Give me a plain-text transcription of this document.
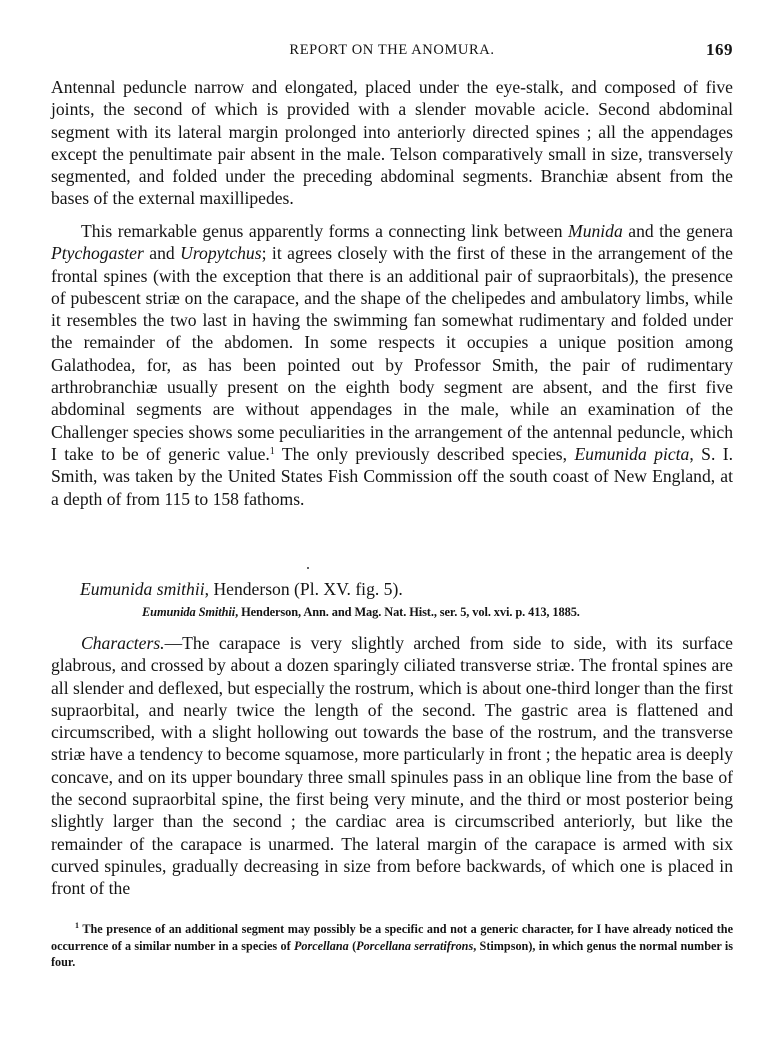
REPORT ON THE ANOMURA.	169

Antennal peduncle narrow and elongated, placed under the eye-stalk, and composed of five joints, the second of which is provided with a slender movable acicle. Second abdominal segment with its lateral margin prolonged into anteriorly directed spines ; all the appendages except the penultimate pair absent in the male. Telson comparatively small in size, transversely segmented, and folded under the preceding abdominal segments. Branchiæ absent from the bases of the external maxillipedes.

This remarkable genus apparently forms a connecting link between Munida and the genera Ptychogaster and Uropytchus; it agrees closely with the first of these in the arrangement of the frontal spines (with the exception that there is an additional pair of supraorbitals), the presence of pubescent striæ on the carapace, and the shape of the chelipedes and ambulatory limbs, while it resembles the two last in having the swimming fan somewhat rudimentary and folded under the remainder of the abdomen. In some respects it occupies a unique position among Galathodea, for, as has been pointed out by Professor Smith, the pair of rudimentary arthrobranchiæ usually present on the eighth body segment are absent, and the first five abdominal segments are without appendages in the male, while an examination of the Challenger species shows some peculiarities in the arrangement of the antennal peduncle, which I take to be of generic value.$^1$ The only previously described species, Eumunida picta, S. I. Smith, was taken by the United States Fish Commission off the south coast of New England, at a depth of from 115 to 158 fathoms.

Eumunida smithii, Henderson (Pl. XV. fig. 5).
Eumunida Smithii, Henderson, Ann. and Mag. Nat. Hist., ser. 5, vol. xvi. p. 413, 1885.

Characters.—The carapace is very slightly arched from side to side, with its surface glabrous, and crossed by about a dozen sparingly ciliated transverse striæ. The frontal spines are all slender and deflexed, but especially the rostrum, which is about one-third longer than the first supraorbital, and nearly twice the length of the second. The gastric area is flattened and circumscribed, with a slight hollowing out towards the base of the rostrum, and the transverse striæ have a tendency to become squamose, more particularly in front ; the hepatic area is deeply concave, and on its upper boundary three small spinules pass in an oblique line from the base of the second supraorbital spine, the first being very minute, and the third or most posterior being slightly larger than the second ; the cardiac area is circumscribed anteriorly, but like the remainder of the carapace is unarmed. The lateral margin of the carapace is armed with six curved spinules, gradually decreasing in size from before backwards, of which one is placed in front of the

$^1$ The presence of an additional segment may possibly be a specific and not a generic character, for I have already noticed the occurrence of a similar number in a species of Porcellana (Porcellana serratifrons, Stimpson), in which genus the normal number is four.
